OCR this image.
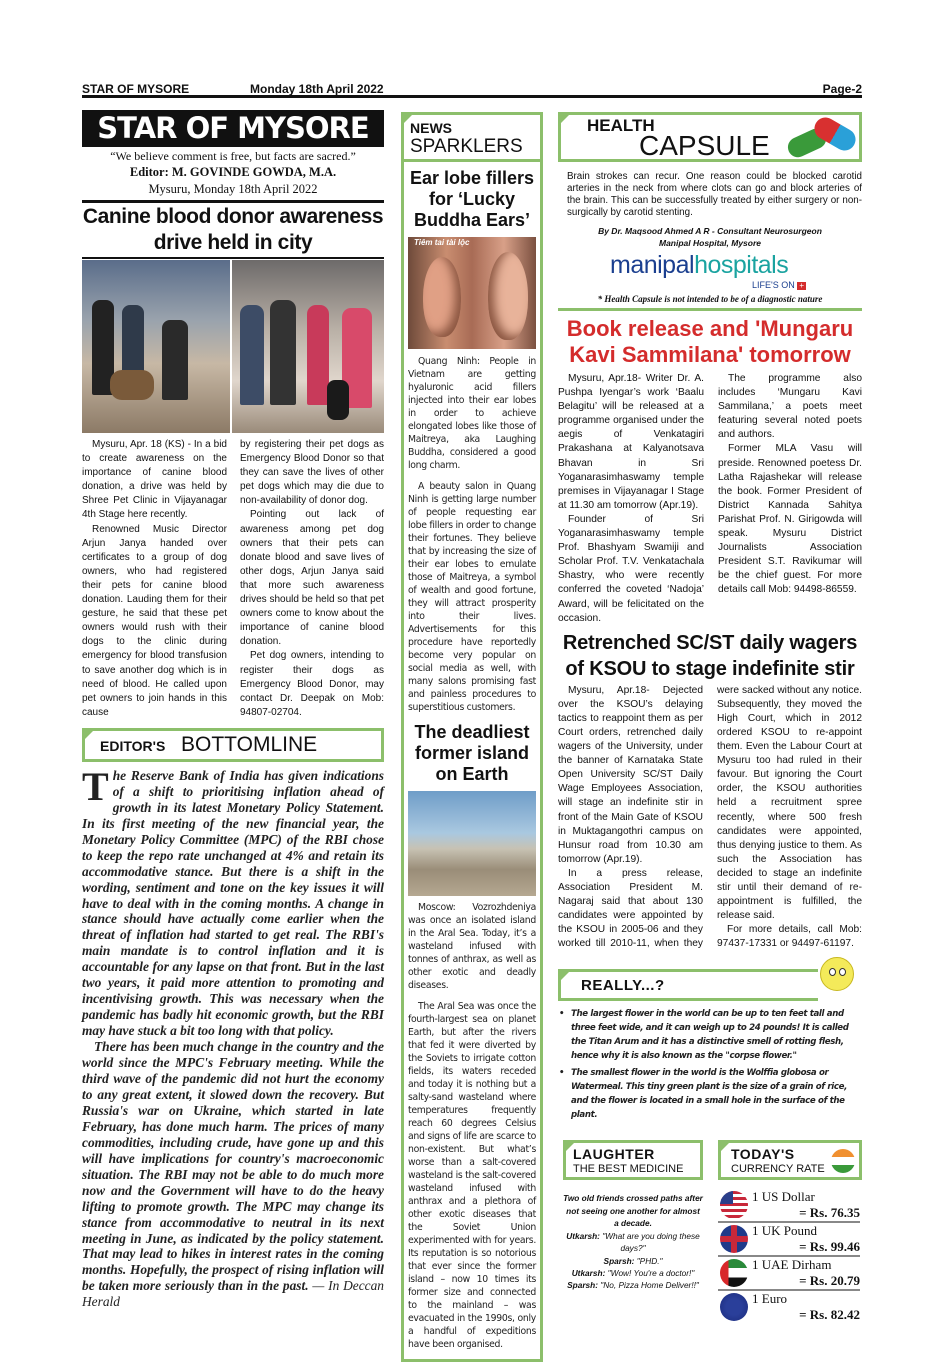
STAR OF MYSORE	Monday 18th April 2022	Page-2
STAR OF MYSORE
“We believe comment is free, but facts are sacred.”
Editor: M. GOVINDE GOWDA, M.A.
Mysuru, Monday 18th April 2022
Canine blood donor awareness
drive held in city

Mysuru, Apr. 18 (KS) - In a bid to create awareness on the importance of canine blood donation, a drive was held by Shree Pet Clinic in Vijayanagar 4th Stage here recently.

Renowned Music Director Arjun Janya handed over certificates to a group of dog owners, who had registered their pets for canine blood donation. Lauding them for their gesture, he said that these pet owners would rush with their dogs to the clinic during emergency for blood transfusion to save another dog which is in need of blood. He called upon pet owners to join hands in this cause

by registering their pet dogs as Emergency Blood Donor so that they can save the lives of other pet dogs which may die due to non-availability of donor dog.

Pointing out lack of awareness among pet dog owners that their pets can donate blood and save lives of other dogs, Arjun Janya said that more such awareness drives should be held so that pet owners come to know about the importance of canine blood donation.

Pet dog owners, intending to register their dogs as Emergency Blood Donor, may contact Dr. Deepak on Mob: 94807-02704.

EDITOR'S BOTTOMLINE

The Reserve Bank of India has given indications of a shift to prioritising inflation ahead of growth in its latest Monetary Policy Statement. In its first meeting of the new financial year, the Monetary Policy Committee (MPC) of the RBI chose to keep the repo rate unchanged at 4% and retain its accommodative stance. But there is a shift in the wording, sentiment and tone on the key issues it will have to deal with in the coming months. A change in stance should have actually come earlier when the threat of inflation had started to get real. The RBI's main mandate is to control inflation and it is accountable for any lapse on that front. But in the last two years, it paid more attention to promoting and incentivising growth. This was necessary when the pandemic has badly hit economic growth, but the RBI may have stuck a bit too long with that policy.

There has been much change in the country and the world since the MPC's February meeting. While the third wave of the pandemic did not hurt the economy to any great extent, it slowed down the recovery. But Russia's war on Ukraine, which started in late February, has done much harm. The prices of many commodities, including crude, have gone up and this will have implications for country's macroeconomic situation. The RBI may not be able to do much more now and the Government will have to do the heavy lifting to promote growth. The MPC may change its stance from accommodative to neutral in its next meeting in June, as indicated by the policy statement. That may lead to hikes in interest rates in the coming months. Hopefully, the prospect of rising inflation will be taken more seriously than in the past. — In Deccan Herald

NEWS
SPARKLERS
Ear lobe fillers for ‘Lucky Buddha Ears’
Tiêm tai tài lộc

Quang Ninh: People in Vietnam are getting hyaluronic acid fillers injected into their ear lobes in order to achieve elongated lobes like those of Maitreya, aka Laughing Buddha, considered a good long charm.

A beauty salon in Quang Ninh is getting large number of people requesting ear lobe fillers in order to change their fortunes. They believe that by increasing the size of their ear lobes to emulate those of Maitreya, a symbol of wealth and good fortune, they will attract prosperity into their lives. Advertisements for this procedure have reportedly become very popular on social media as well, with many salons promising fast and painless procedures to superstitious customers.

The deadliest former island on Earth

Moscow: Vozrozhdeniya was once an isolated island in the Aral Sea. Today, it’s a wasteland infused with tonnes of anthrax, as well as other exotic and deadly diseases.

The Aral Sea was once the fourth-largest sea on planet Earth, but after the rivers that fed it were diverted by the Soviets to irrigate cotton fields, its waters receded and today it is nothing but a salty-sand wasteland where temperatures frequently reach 60 degrees Celsius and signs of life are scarce to non-existent. But what’s worse than a salt-covered wasteland is the salt-covered wasteland infused with anthrax and a plethora of other exotic diseases that the Soviet Union experimented with for years. Its reputation is so notorious that ever since the former island – now 10 times its former size and connected to the mainland – was evacuated in the 1990s, only a handful of expeditions have been organised.

HEALTH
CAPSULE
Brain strokes can recur. One reason could be blocked carotid arteries in the neck from where clots can go and block arteries of the brain. This can be successfully treated by either surgery or non-surgically by carotid stenting.
By Dr. Maqsood Ahmed A R - Consultant Neurosurgeon
Manipal Hospital, Mysore
manipalhospitals
LIFE'S ON +
* Health Capsule is not intended to be of a diagnostic nature
Book release and 'Mungaru
Kavi Sammilana' tomorrow

Mysuru, Apr.18- Writer Dr. A. Pushpa Iyengar’s work ‘Baalu Belagitu’ will be released at a programme organised under the aegis of Venkatagiri Prakashana at Kalyanotsava Bhavan in Sri Yoganarasimhaswamy temple premises in Vijayanagar I Stage at 11.30 am tomorrow (Apr.19).

Founder of Sri Yoganarasimhaswamy temple Prof. Bhashyam Swamiji and Scholar Prof. T.V. Venkatachala Shastry, who were recently conferred the coveted ‘Nadoja’ Award, will be felicitated on the occasion.

The programme also includes ‘Mungaru Kavi Sammilana,’ a poets meet featuring several noted poets and authors.

Former MLA Vasu will preside. Renowned poetess Dr. Latha Rajashekar will release the book. Former President of District Kannada Sahitya Parishat Prof. N. Girigowda will speak. Mysuru District Journalists Association President S.T. Ravikumar will be the chief guest. For more details call Mob: 94498-86559.

Retrenched SC/ST daily wagers
of KSOU to stage indefinite stir

Mysuru, Apr.18- Dejected over the KSOU’s delaying tactics to reappoint them as per Court orders, retrenched daily wagers of the University, under the banner of Karnataka State Open University SC/ST Daily Wage Employees Association, will stage an indefinite stir in front of the Main Gate of KSOU in Muktagangothri campus on Hunsur road from 10.30 am tomorrow (Apr.19).

In a press release, Association President M. Nagaraj said that about 130 candidates were appointed by the KSOU in 2005-06 and they worked till 2010-11, when they were sacked without any notice. Subsequently, they moved the High Court, which in 2012 ordered KSOU to re-appoint them. Even the Labour Court at Mysuru too had ruled in their favour. But ignoring the Court order, the KSOU authorities held a recruitment spree recently, where 500 fresh candidates were appointed, thus denying justice to them. As such the Association has decided to stage an indefinite stir until their demand of re-appointment is fulfilled, the release said.

For more details, call Mob: 97437-17331 or 94497-61197.

REALLY...?
• The largest flower in the world can be up to ten feet tall and three feet wide, and it can weigh up to 24 pounds! It is called the Titan Arum and it has a distinctive smell of rotting flesh, hence why it is also known as the "corpse flower."
• The smallest flower in the world is the Wolffia globosa or Watermeal. This tiny green plant is the size of a grain of rice, and the flower is located in a small hole in the surface of the plant.
LAUGHTER
THE BEST MEDICINE
Two old friends crossed paths after not seeing one another for almost a decade.
Utkarsh: "What are you doing these days?"
Sparsh: "PHD."
Utkarsh: "Wow! You're a doctor!"
Sparsh: "No, Pizza Home Deliver!!"
TODAY'S
CURRENCY RATE
1 US Dollar
= Rs. 76.35
1 UK Pound
= Rs. 99.46
1 UAE Dirham
= Rs. 20.79
1 Euro
= Rs. 82.42
